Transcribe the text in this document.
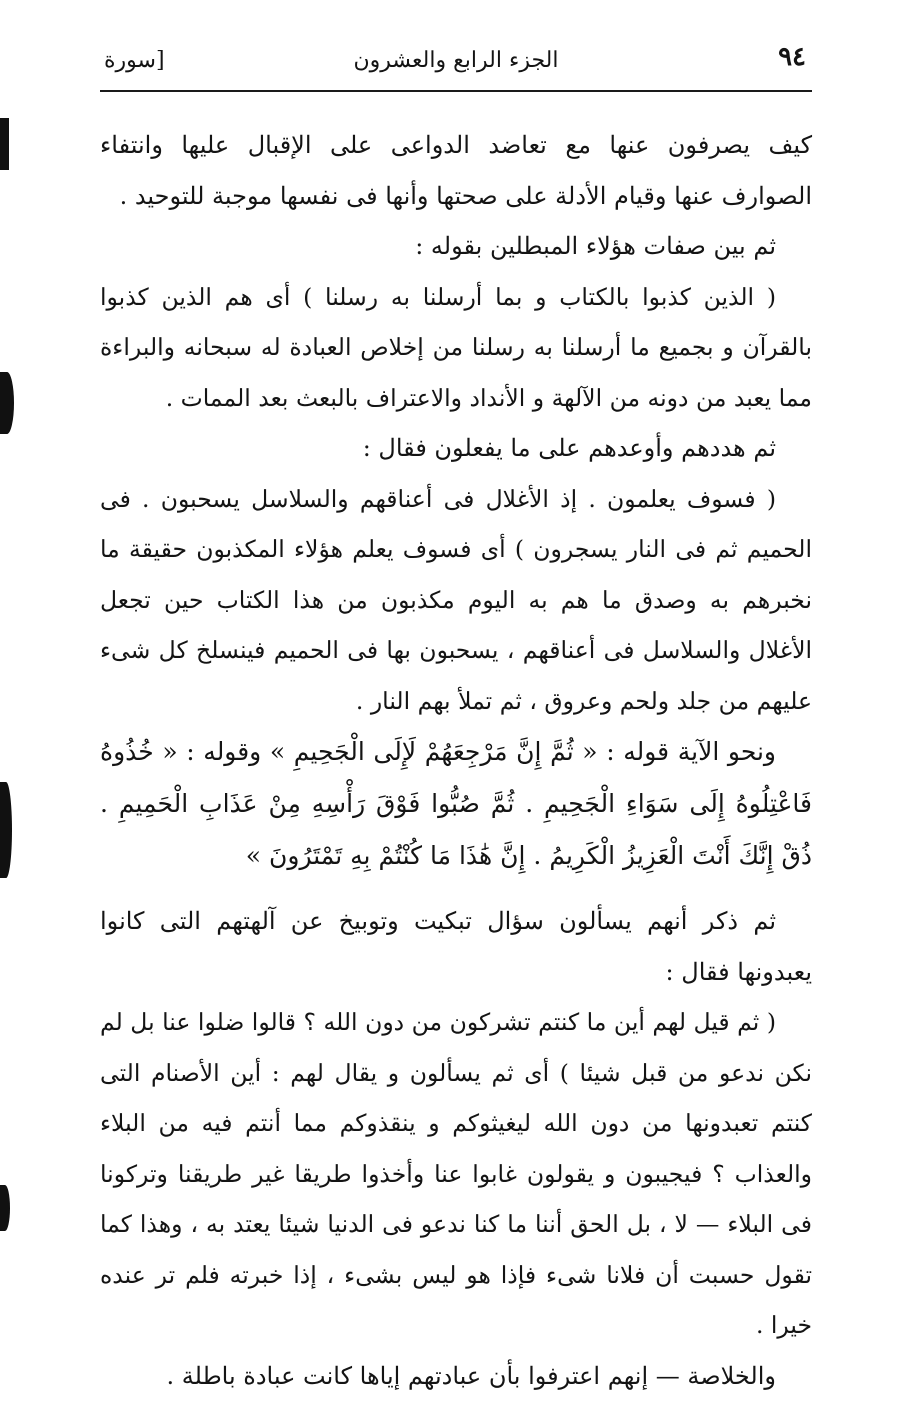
٩٤
الجزء الرابع والعشرون
[سورة

كيف يصرفون عنها مع تعاضد الدواعى على الإقبال عليها وانتفاء الصوارف عنها وقيام الأدلة على صحتها وأنها فى نفسها موجبة للتوحيد .

ثم بين صفات هؤلاء المبطلين بقوله :

( الذين كذبوا بالكتاب و بما أرسلنا به رسلنا ) أى هم الذين كذبوا بالقرآن و بجميع ما أرسلنا به رسلنا من إخلاص العبادة له سبحانه والبراءة مما يعبد من دونه من الآلهة و الأنداد والاعتراف بالبعث بعد الممات .

ثم هددهم وأوعدهم على ما يفعلون فقال :

( فسوف يعلمون . إذ الأغلال فى أعناقهم والسلاسل يسحبون . فى الحميم ثم فى النار يسجرون ) أى فسوف يعلم هؤلاء المكذبون حقيقة ما نخبرهم به وصدق ما هم به اليوم مكذبون من هذا الكتاب حين تجعل الأغلال والسلاسل فى أعناقهم ، يسحبون بها فى الحميم فينسلخ كل شىء عليهم من جلد ولحم وعروق ، ثم تملأ بهم النار .

ونحو الآية قوله : « ثُمَّ إِنَّ مَرْجِعَهُمْ لَإِلَى الْجَحِيمِ » وقوله : « خُذُوهُ فَاعْتِلُوهُ إِلَى سَوَاءِ الْجَحِيمِ . ثُمَّ صُبُّوا فَوْقَ رَأْسِهِ مِنْ عَذَابِ الْحَمِيمِ . ذُقْ إِنَّكَ أَنْتَ الْعَزِيزُ الْكَرِيمُ . إِنَّ هَٰذَا مَا كُنْتُمْ بِهِ تَمْتَرُونَ »

ثم ذكر أنهم يسألون سؤال تبكيت وتوبيخ عن آلهتهم التى كانوا يعبدونها فقال :

( ثم قيل لهم أين ما كنتم تشركون من دون الله ؟ قالوا ضلوا عنا بل لم نكن ندعو من قبل شيئا ) أى ثم يسألون و يقال لهم : أين الأصنام التى كنتم تعبدونها من دون الله ليغيثوكم و ينقذوكم مما أنتم فيه من البلاء والعذاب ؟ فيجيبون و يقولون غابوا عنا وأخذوا طريقا غير طريقنا وتركونا فى البلاء — لا ، بل الحق أننا ما كنا ندعو فى الدنيا شيئا يعتد به ، وهذا كما تقول حسبت أن فلانا شىء فإذا هو ليس بشىء ، إذا خبرته فلم تر عنده خيرا .

والخلاصة — إنهم اعترفوا بأن عبادتهم إياها كانت عبادة باطلة .
